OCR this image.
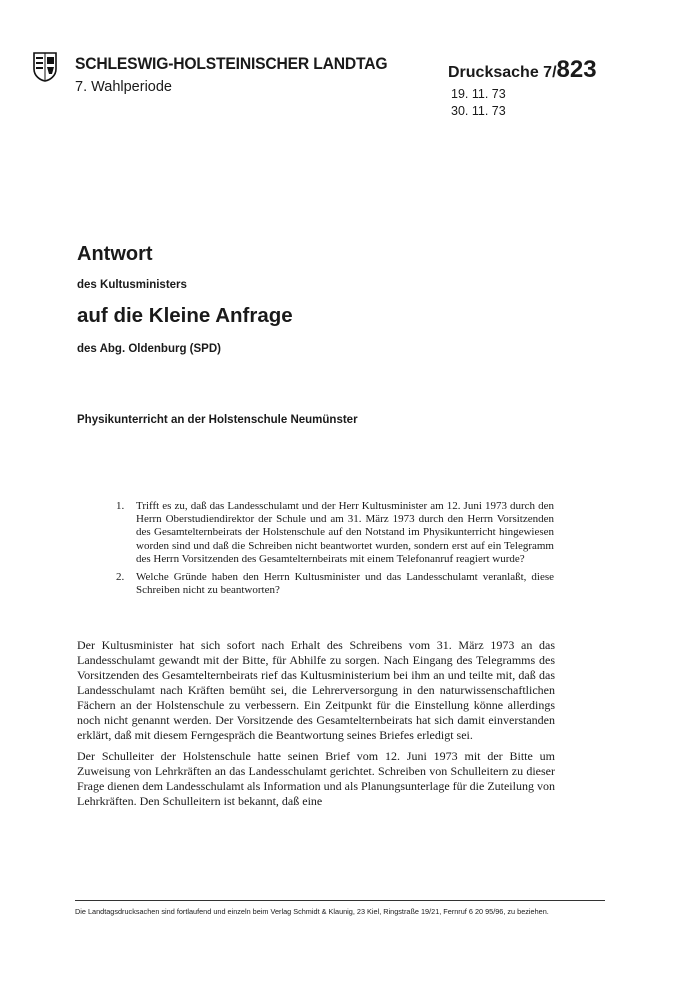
SCHLESWIG-HOLSTEINISCHER LANDTAG
7. Wahlperiode
Drucksache 7/823
19. 11. 73
30. 11. 73
Antwort
des Kultusministers
auf die Kleine Anfrage
des Abg. Oldenburg (SPD)
Physikunterricht an der Holstenschule Neumünster
1. Trifft es zu, daß das Landesschulamt und der Herr Kultusminister am 12. Juni 1973 durch den Herrn Oberstudiendirektor der Schule und am 31. März 1973 durch den Herrn Vorsitzenden des Gesamtelternbeirats der Holstenschule auf den Notstand im Physikunterricht hingewiesen worden sind und daß die Schreiben nicht beantwortet wurden, sondern erst auf ein Telegramm des Herrn Vorsitzenden des Gesamtelternbeirats mit einem Telefonanruf reagiert wurde?
2. Welche Gründe haben den Herrn Kultusminister und das Landesschulamt veranlaßt, diese Schreiben nicht zu beantworten?

Der Kultusminister hat sich sofort nach Erhalt des Schreibens vom 31. März 1973 an das Landesschulamt gewandt mit der Bitte, für Abhilfe zu sorgen. Nach Eingang des Telegramms des Vorsitzenden des Gesamtelternbeirats rief das Kultusministerium bei ihm an und teilte mit, daß das Landesschulamt nach Kräften bemüht sei, die Lehrerversorgung in den naturwissenschaftlichen Fächern an der Holstenschule zu verbessern. Ein Zeitpunkt für die Einstellung könne allerdings noch nicht genannt werden. Der Vorsitzende des Gesamtelternbeirats hat sich damit einverstanden erklärt, daß mit diesem Ferngespräch die Beantwortung seines Briefes erledigt sei.

Der Schulleiter der Holstenschule hatte seinen Brief vom 12. Juni 1973 mit der Bitte um Zuweisung von Lehrkräften an das Landesschulamt gerichtet. Schreiben von Schulleitern zu dieser Frage dienen dem Landesschulamt als Information und als Planungsunterlage für die Zuteilung von Lehrkräften. Den Schulleitern ist bekannt, daß eine

Die Landtagsdrucksachen sind fortlaufend und einzeln beim Verlag Schmidt & Klaunig, 23 Kiel, Ringstraße 19/21, Fernruf 6 20 95/96, zu beziehen.
